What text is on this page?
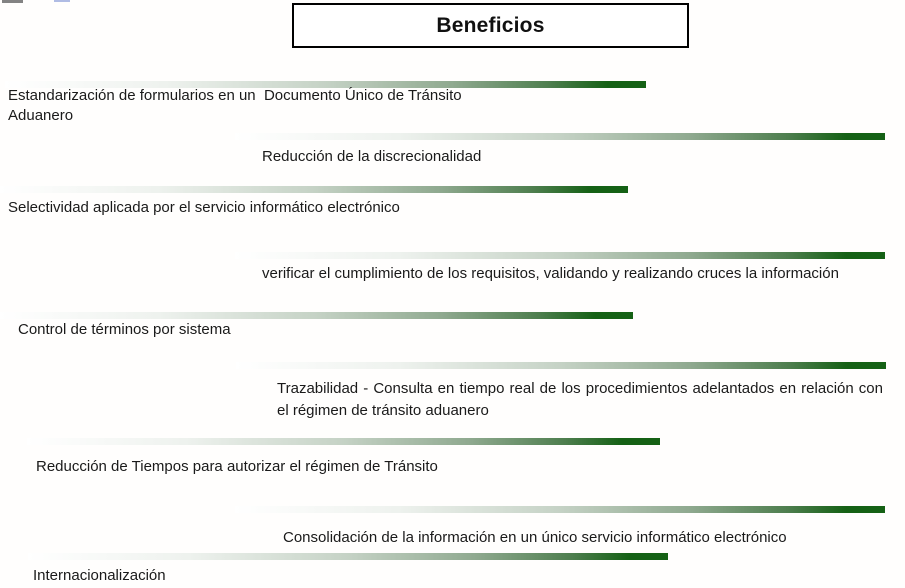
Beneficios
Estandarización de formularios en un  Documento Único de Tránsito Aduanero
Reducción de la discrecionalidad
Selectividad aplicada por el servicio informático electrónico
verificar el cumplimiento de los requisitos, validando y realizando cruces la información
Control de términos por sistema
Trazabilidad - Consulta en tiempo real de los procedimientos adelantados en relación con el régimen de tránsito aduanero
Reducción de Tiempos para autorizar el régimen de Tránsito
Consolidación de la información en un único servicio informático electrónico
Internacionalización
